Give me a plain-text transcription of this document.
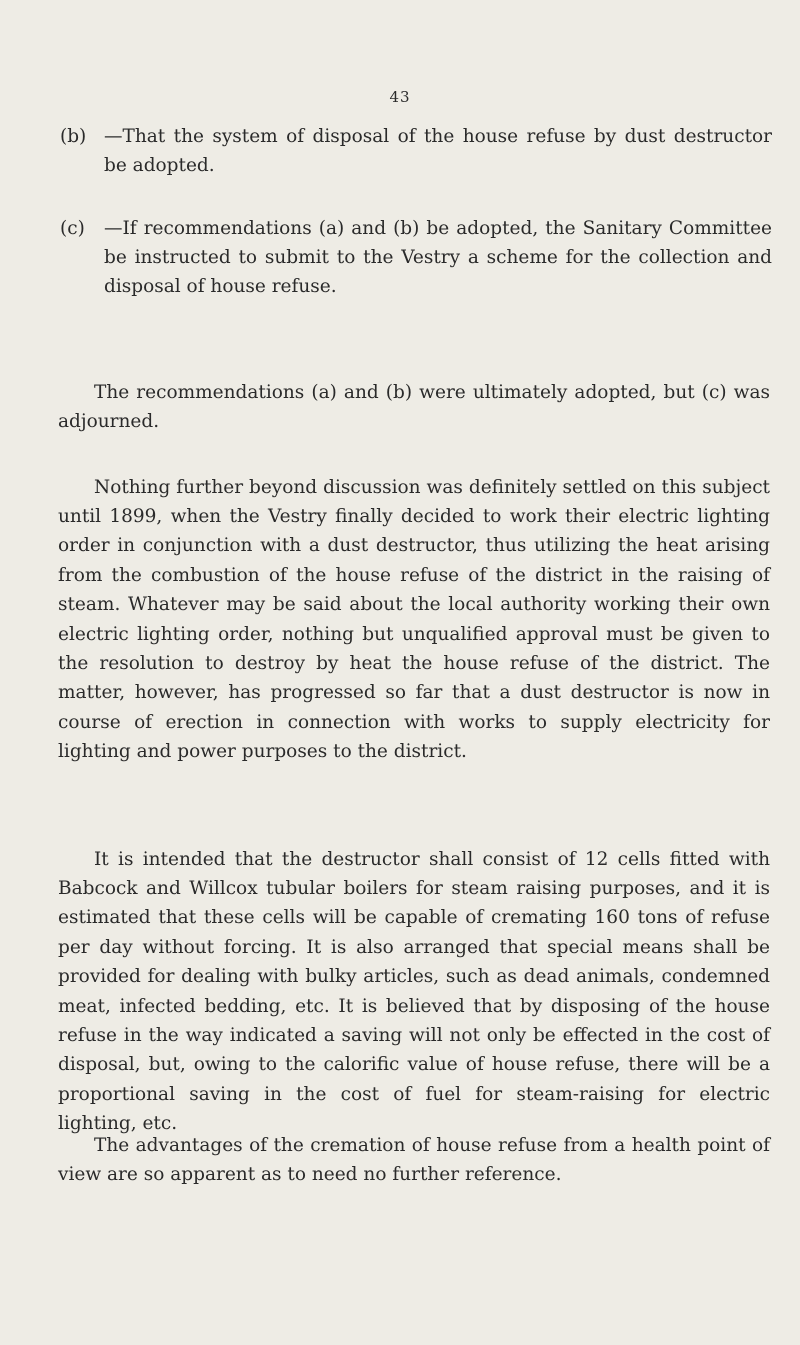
43
(b) —That the system of disposal of the house refuse by dust destructor be adopted.
(c) —If recommendations (a) and (b) be adopted, the Sanitary Committee be instructed to submit to the Vestry a scheme for the collection and disposal of house refuse.

The recommendations (a) and (b) were ultimately adopted, but (c) was adjourned.

Nothing further beyond discussion was definitely settled on this subject until 1899, when the Vestry finally decided to work their electric lighting order in conjunction with a dust destructor, thus utilizing the heat arising from the combustion of the house refuse of the district in the raising of steam. Whatever may be said about the local authority working their own electric lighting order, nothing but unqualified approval must be given to the resolution to destroy by heat the house refuse of the district. The matter, however, has progressed so far that a dust destructor is now in course of erection in connection with works to supply electricity for lighting and power purposes to the district.

It is intended that the destructor shall consist of 12 cells fitted with Babcock and Willcox tubular boilers for steam raising purposes, and it is estimated that these cells will be capable of cremating 160 tons of refuse per day without forcing. It is also arranged that special means shall be provided for dealing with bulky articles, such as dead animals, condemned meat, infected bedding, etc. It is believed that by disposing of the house refuse in the way indicated a saving will not only be effected in the cost of disposal, but, owing to the calorific value of house refuse, there will be a proportional saving in the cost of fuel for steam-raising for electric lighting, etc.

The advantages of the cremation of house refuse from a health point of view are so apparent as to need no further reference.
